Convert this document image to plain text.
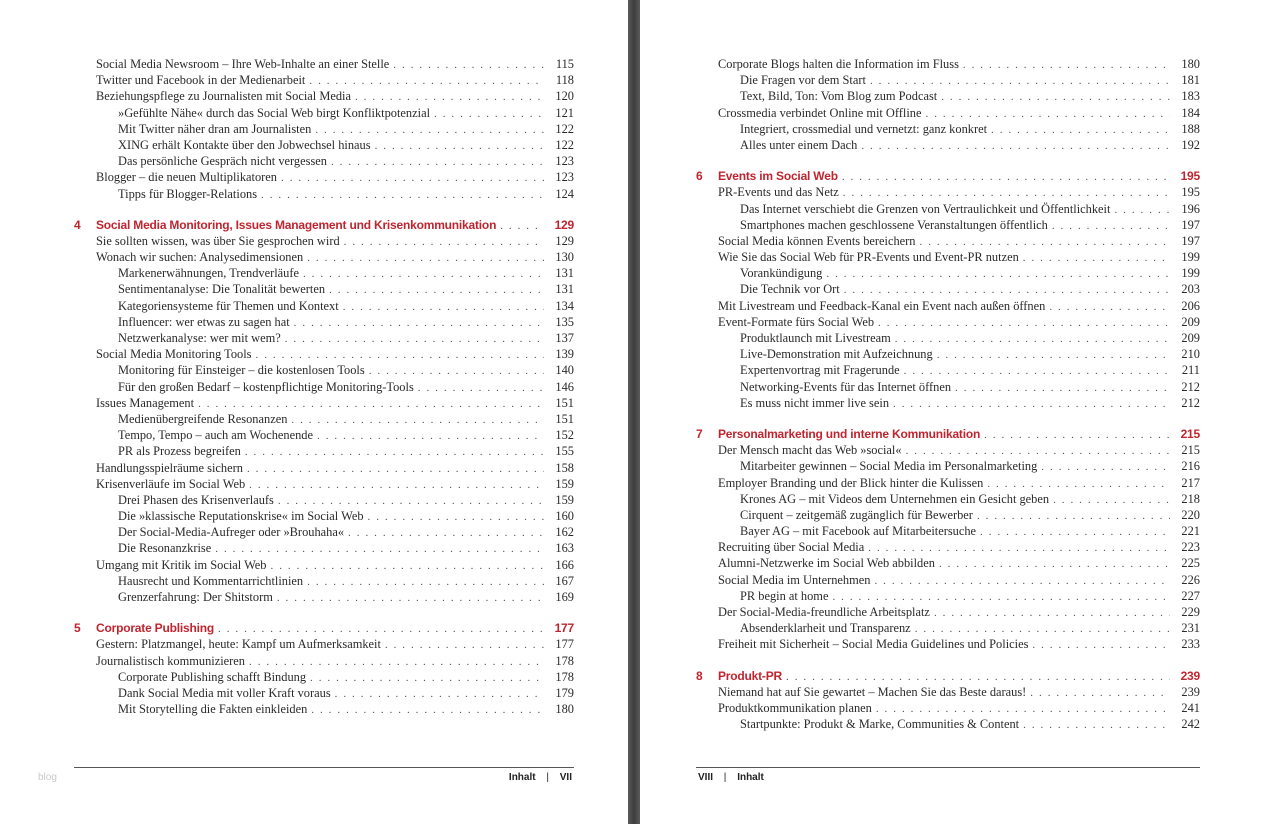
Social Media Newsroom – Ihre Web-Inhalte an einer Stelle . . .	115
Twitter und Facebook in der Medienarbeit . . .	118
Beziehungspflege zu Journalisten mit Social Media . . .	120
»Gefühlte Nähe« durch das Social Web birgt Konfliktpotenzial . . .	121
Mit Twitter näher dran am Journalisten . . .	122
XING erhält Kontakte über den Jobwechsel hinaus . . .	122
Das persönliche Gespräch nicht vergessen . . .	123
Blogger – die neuen Multiplikatoren . . .	123
Tipps für Blogger-Relations . . .	124
4	Social Media Monitoring, Issues Management und Krisenkommunikation . . .	129
Sie sollten wissen, was über Sie gesprochen wird . . .	129
Wonach wir suchen: Analysedimensionen . . .	130
Markenerwähnungen, Trendverläufe . . .	131
Sentimentanalyse: Die Tonalität bewerten . . .	131
Kategoriensysteme für Themen und Kontext . . .	134
Influencer: wer etwas zu sagen hat . . .	135
Netzwerkanalyse: wer mit wem? . . .	137
Social Media Monitoring Tools . . .	139
Monitoring für Einsteiger – die kostenlosen Tools . . .	140
Für den großen Bedarf – kostenpflichtige Monitoring-Tools . . .	146
Issues Management . . .	151
Medienübergreifende Resonanzen . . .	151
Tempo, Tempo – auch am Wochenende . . .	152
PR als Prozess begreifen . . .	155
Handlungsspielräume sichern . . .	158
Krisenverläufe im Social Web . . .	159
Drei Phasen des Krisenverlaufs . . .	159
Die »klassische Reputationskrise« im Social Web . . .	160
Der Social-Media-Aufreger oder »Brouhaha« . . .	162
Die Resonanzkrise . . .	163
Umgang mit Kritik im Social Web . . .	166
Hausrecht und Kommentarrichtlinien . . .	167
Grenzerfahrung: Der Shitstorm . . .	169
5	Corporate Publishing . . .	177
Gestern: Platzmangel, heute: Kampf um Aufmerksamkeit . . .	177
Journalistisch kommunizieren . . .	178
Corporate Publishing schafft Bindung . . .	178
Dank Social Media mit voller Kraft voraus . . .	179
Mit Storytelling die Fakten einkleiden . . .	180
Inhalt | VII
blog
Corporate Blogs halten die Information im Fluss . . .	180
Die Fragen vor dem Start . . .	181
Text, Bild, Ton: Vom Blog zum Podcast . . .	183
Crossmedia verbindet Online mit Offline . . .	184
Integriert, crossmedial und vernetzt: ganz konkret . . .	188
Alles unter einem Dach . . .	192
6	Events im Social Web . . .	195
PR-Events und das Netz . . .	195
Das Internet verschiebt die Grenzen von Vertraulichkeit und Öffentlichkeit . . .	196
Smartphones machen geschlossene Veranstaltungen öffentlich . . .	197
Social Media können Events bereichern . . .	197
Wie Sie das Social Web für PR-Events und Event-PR nutzen . . .	199
Vorankündigung . . .	199
Die Technik vor Ort . . .	203
Mit Livestream und Feedback-Kanal ein Event nach außen öffnen . . .	206
Event-Formate fürs Social Web . . .	209
Produktlaunch mit Livestream . . .	209
Live-Demonstration mit Aufzeichnung . . .	210
Expertenvortrag mit Fragerunde . . .	211
Networking-Events für das Internet öffnen . . .	212
Es muss nicht immer live sein . . .	212
7	Personalmarketing und interne Kommunikation . . .	215
Der Mensch macht das Web »social« . . .	215
Mitarbeiter gewinnen – Social Media im Personalmarketing . . .	216
Employer Branding und der Blick hinter die Kulissen . . .	217
Krones AG – mit Videos dem Unternehmen ein Gesicht geben . . .	218
Cirquent – zeitgemäß zugänglich für Bewerber . . .	220
Bayer AG – mit Facebook auf Mitarbeitersuche . . .	221
Recruiting über Social Media . . .	223
Alumni-Netzwerke im Social Web abbilden . . .	225
Social Media im Unternehmen . . .	226
PR begin at home . . .	227
Der Social-Media-freundliche Arbeitsplatz . . .	229
Absenderklarheit und Transparenz . . .	231
Freiheit mit Sicherheit – Social Media Guidelines und Policies . . .	233
8	Produkt-PR . . .	239
Niemand hat auf Sie gewartet – Machen Sie das Beste daraus! . . .	239
Produktkommunikation planen . . .	241
Startpunkte: Produkt & Marke, Communities & Content . . .	242
VIII | Inhalt
